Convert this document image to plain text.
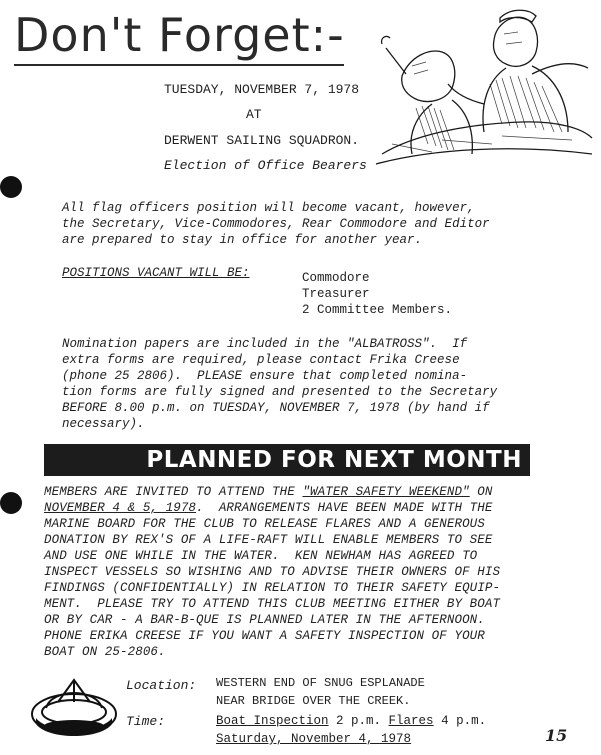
Don't Forget:-
TUESDAY, NOVEMBER 7, 1978
AT
DERWENT SAILING SQUADRON.
Election of Office Bearers
All flag officers position will become vacant, however,
the Secretary, Vice-Commodores, Rear Commodore and Editor
are prepared to stay in office for another year.
POSITIONS VACANT WILL BE:	Commodore
Treasurer
2 Committee Members.
Nomination papers are included in the "ALBATROSS".  If
extra forms are required, please contact Frika Creese
(phone 25 2806).  PLEASE ensure that completed nomina-
tion forms are fully signed and presented to the Secretary
BEFORE 8.00 p.m. on TUESDAY, NOVEMBER 7, 1978 (by hand if
necessary).
PLANNED FOR NEXT MONTH
MEMBERS ARE INVITED TO ATTEND THE "WATER SAFETY WEEKEND" ON
NOVEMBER 4 & 5, 1978.  ARRANGEMENTS HAVE BEEN MADE WITH THE
MARINE BOARD FOR THE CLUB TO RELEASE FLARES AND A GENEROUS
DONATION BY REX'S OF A LIFE-RAFT WILL ENABLE MEMBERS TO SEE
AND USE ONE WHILE IN THE WATER.  KEN NEWHAM HAS AGREED TO
INSPECT VESSELS SO WISHING AND TO ADVISE THEIR OWNERS OF HIS
FINDINGS (CONFIDENTIALLY) IN RELATION TO THEIR SAFETY EQUIP-
MENT.  PLEASE TRY TO ATTEND THIS CLUB MEETING EITHER BY BOAT
OR BY CAR - A BAR-B-QUE IS PLANNED LATER IN THE AFTERNOON.
PHONE ERIKA CREESE IF YOU WANT A SAFETY INSPECTION OF YOUR
BOAT ON 25-2806.
Location: WESTERN END OF SNUG ESPLANADE
NEAR BRIDGE OVER THE CREEK.
Time:	Boat Inspection 2 p.m. Flares 4 p.m.
Saturday, November 4, 1978	15
